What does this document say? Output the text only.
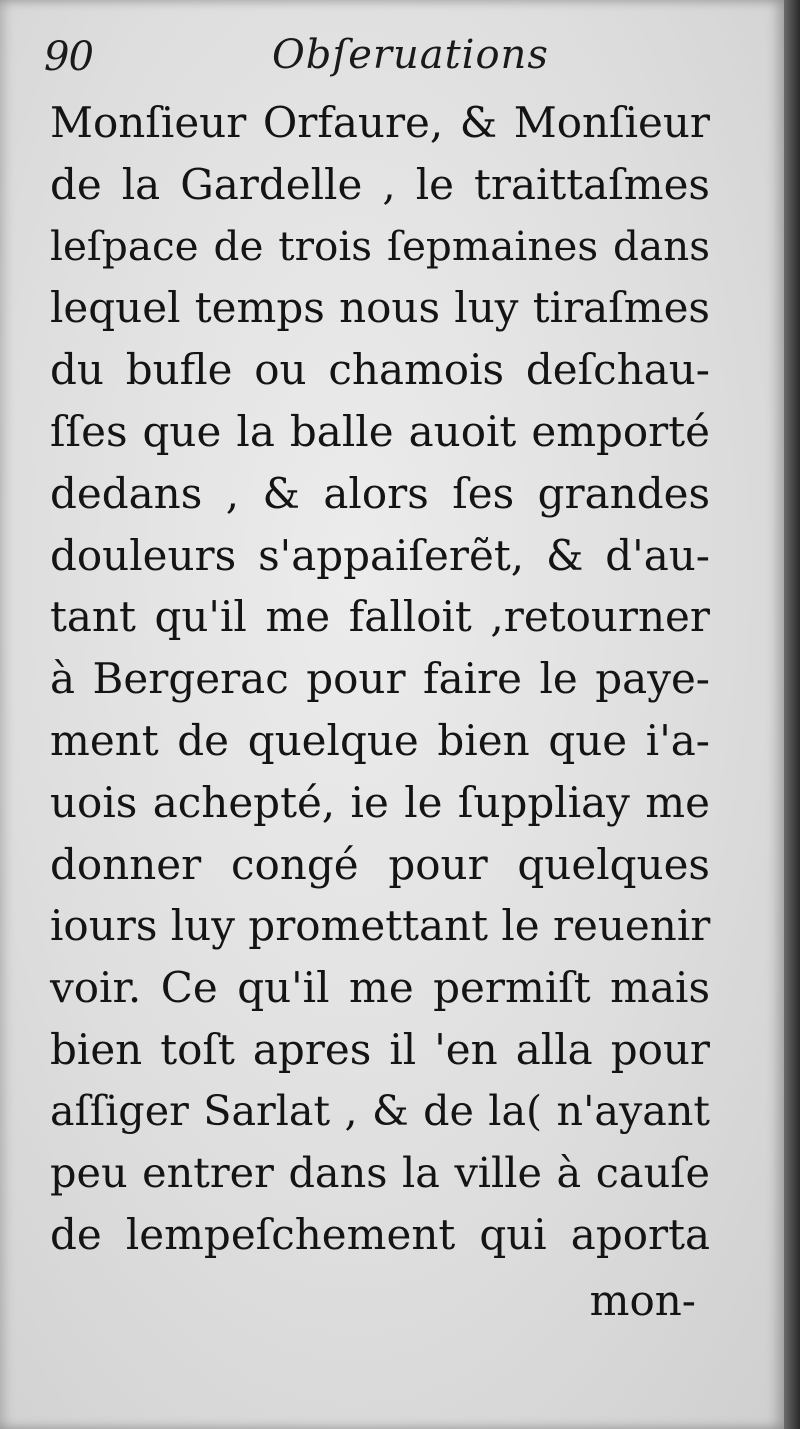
90	Obſeruations
Monſieur Orfaure, & Monſieur
de la Gardelle , le traittaſmes
leſpace de trois ſepmaines dans
lequel temps nous luy tiraſmes
du bufle ou chamois deſchau-
ſſes que la balle auoit emporté
dedans , & alors ſes grandes
douleurs s'appaiſerẽt, & d'au-
tant qu'il me falloit ,retourner
à Bergerac pour faire le paye-
ment de quelque bien que i'a-
uois achepté, ie le ſuppliay me
donner congé pour quelques
iours luy promettant le reuenir
voir. Ce qu'il me permiſt mais
bien toſt apres il 'en alla pour
aſſiger Sarlat , & de la( n'ayant
peu entrer dans la ville à cauſe
de lempeſchement qui aporta
mon-
